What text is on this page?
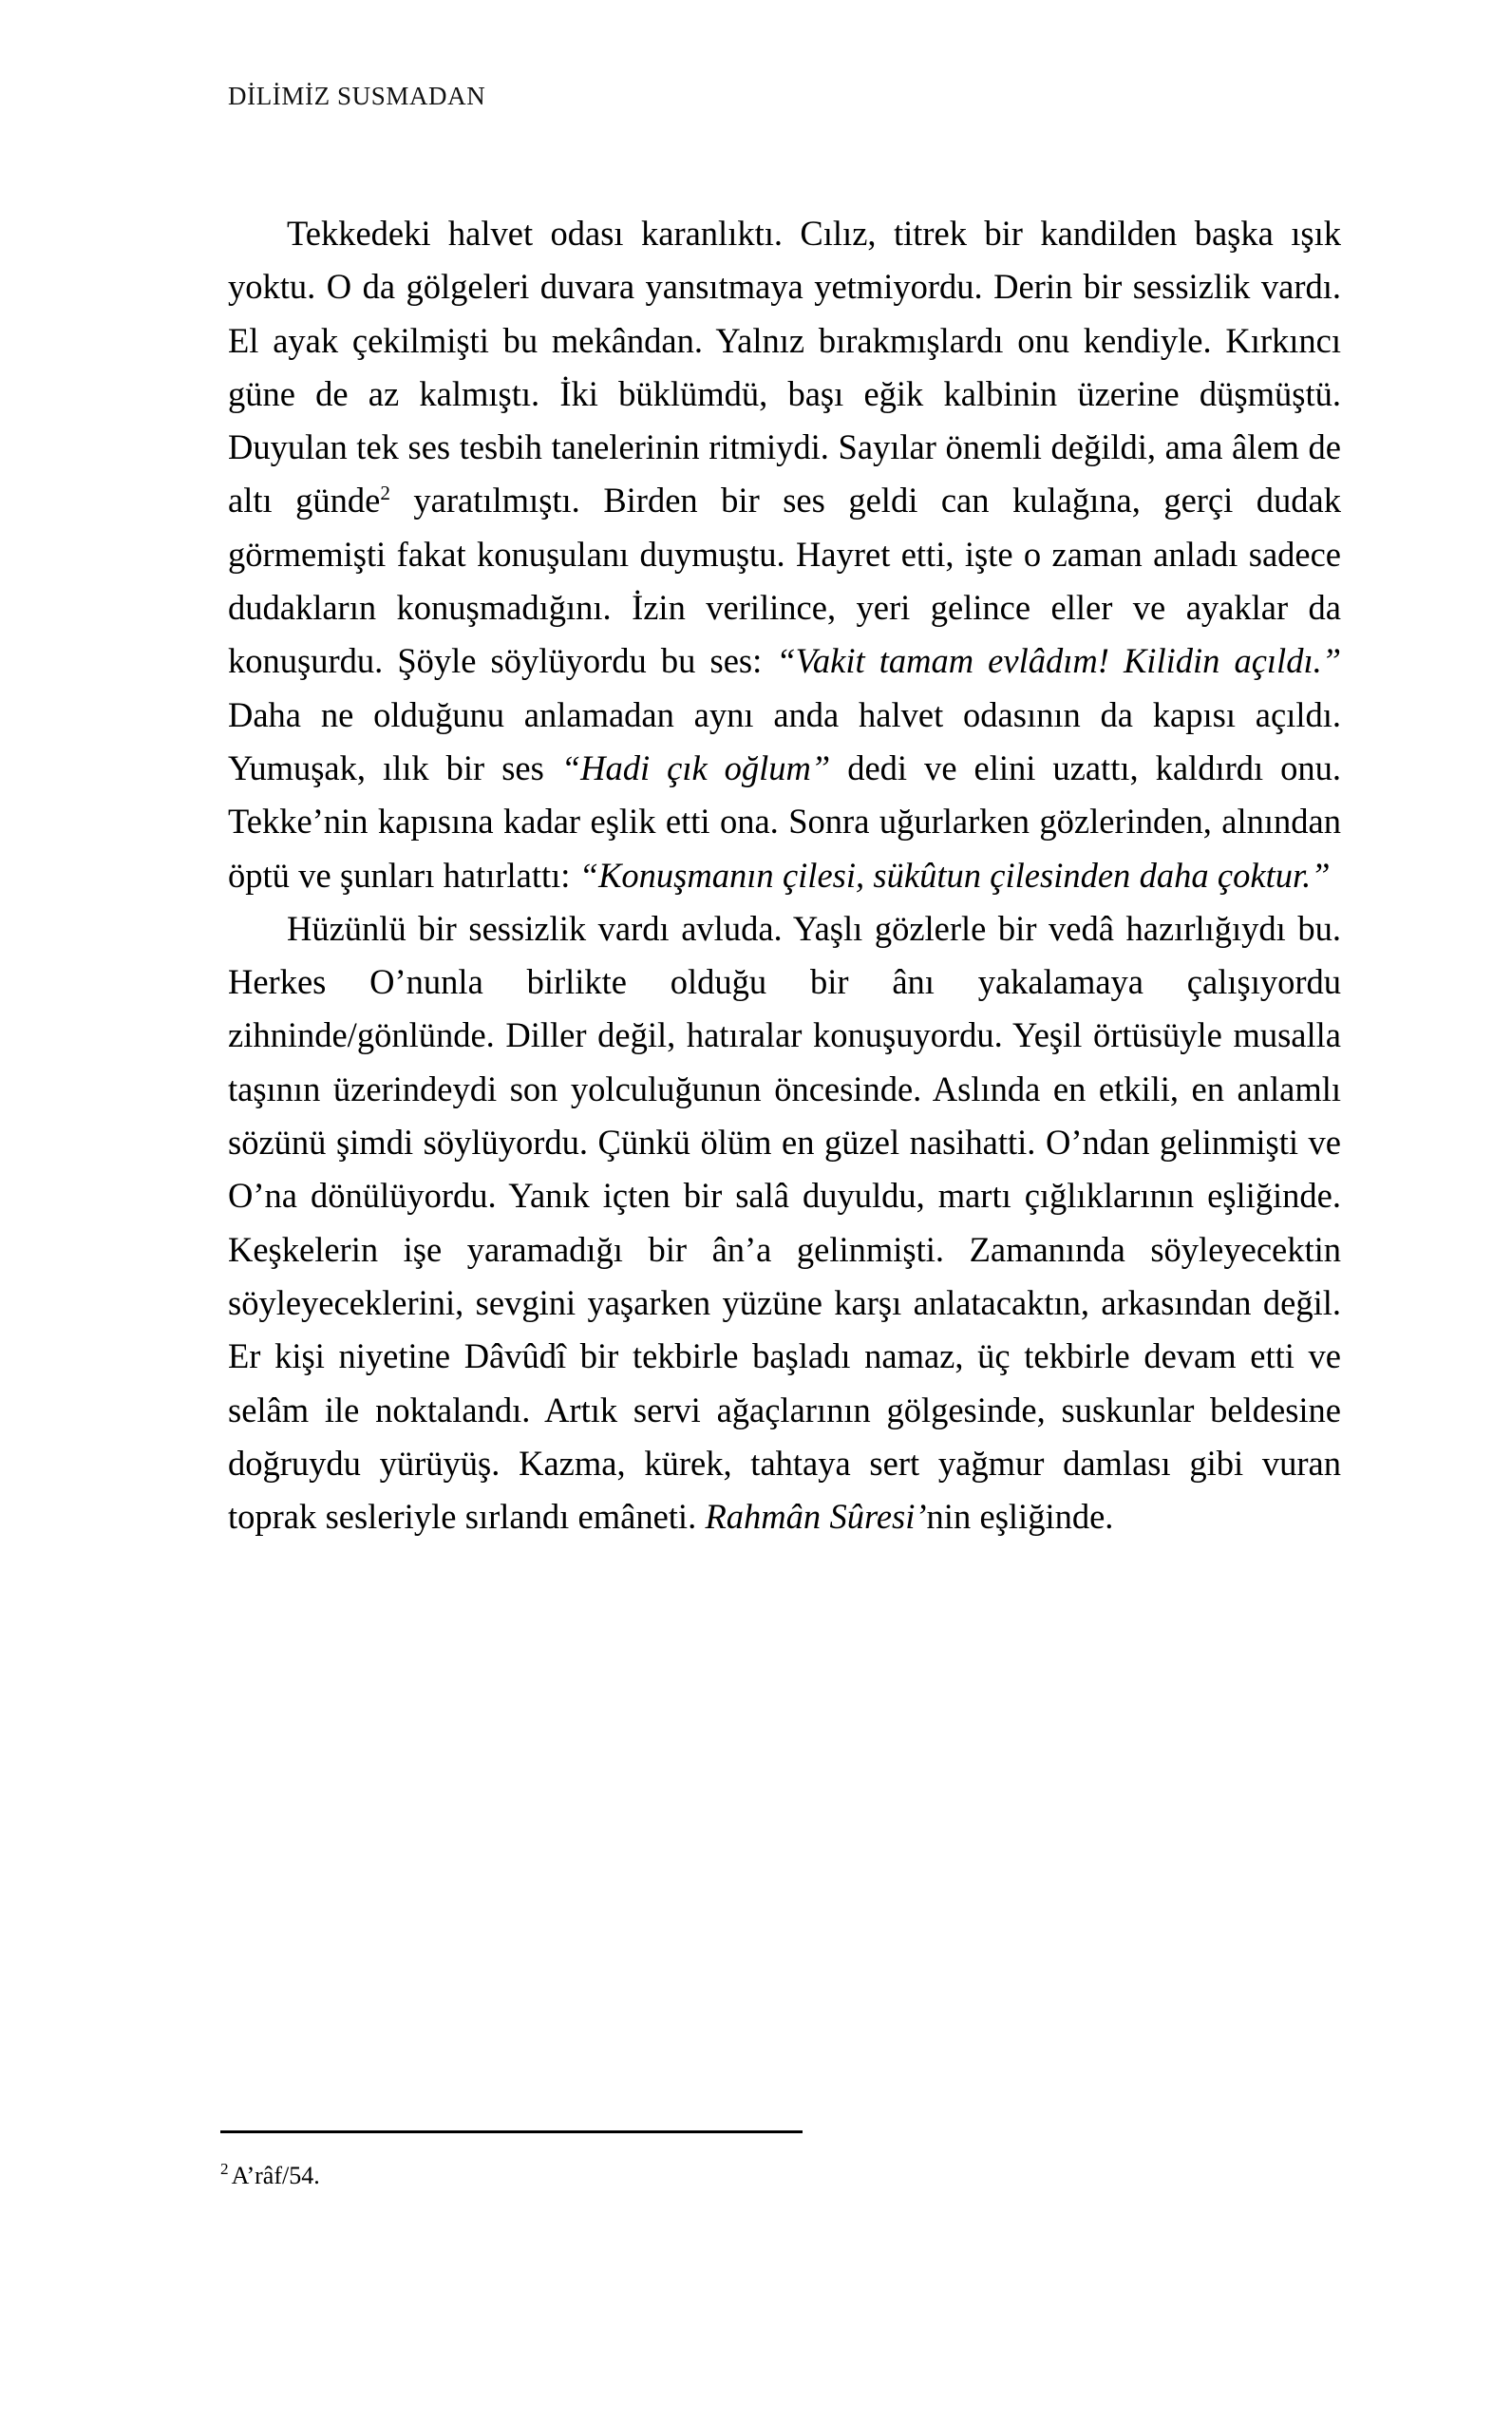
DİLİMİZ SUSMADAN

Tekkedeki halvet odası karanlıktı. Cılız, titrek bir kandilden başka ışık yoktu. O da gölgeleri duvara yansıtmaya yetmiyordu. Derin bir sessizlik vardı. El ayak çekilmişti bu mekândan. Yalnız bırakmışlardı onu kendiyle. Kırkıncı güne de az kalmıştı. İki büklümdü, başı eğik kalbinin üzerine düşmüştü. Duyulan tek ses tesbih tanelerinin ritmiydi. Sayılar önemli değildi, ama âlem de altı günde$^2$ yaratılmıştı. Birden bir ses geldi can kulağına, gerçi dudak görmemişti fakat konuşulanı duymuştu. Hayret etti, işte o zaman anladı sadece dudakların konuşmadığını. İzin verilince, yeri gelince eller ve ayaklar da konuşurdu. Şöyle söylüyordu bu ses: “Vakit tamam evlâdım! Kilidin açıldı.” Daha ne olduğunu anlamadan aynı anda halvet odasının da kapısı açıldı. Yumuşak, ılık bir ses “Hadi çık oğlum” dedi ve elini uzattı, kaldırdı onu. Tekke’nin kapısına kadar eşlik etti ona. Sonra uğurlarken gözlerinden, alnından öptü ve şunları hatırlattı: “Konuşmanın çilesi, sükûtun çilesinden daha çoktur.”

Hüzünlü bir sessizlik vardı avluda. Yaşlı gözlerle bir vedâ hazırlığıydı bu. Herkes O’nunla birlikte olduğu bir ânı yakalamaya çalışıyordu zihninde/gönlünde. Diller değil, hatıralar konuşuyordu. Yeşil örtüsüyle musalla taşının üzerindeydi son yolculuğunun öncesinde. Aslında en etkili, en anlamlı sözünü şimdi söylüyordu. Çünkü ölüm en güzel nasihatti. O’ndan gelinmişti ve O’na dönülüyordu. Yanık içten bir salâ duyuldu, martı çığlıklarının eşliğinde. Keşkelerin işe yaramadığı bir ân’a gelinmişti. Zamanında söyleyecektin söyleyeceklerini, sevgini yaşarken yüzüne karşı anlatacaktın, arkasından değil. Er kişi niyetine Dâvûdî bir tekbirle başladı namaz, üç tekbirle devam etti ve selâm ile noktalandı. Artık servi ağaçlarının gölgesinde, suskunlar beldesine doğruydu yürüyüş. Kazma, kürek, tahtaya sert yağmur damlası gibi vuran toprak sesleriyle sırlandı emâneti. Rahmân Sûresi’nin eşliğinde.

$^2$ A’râf/54.
